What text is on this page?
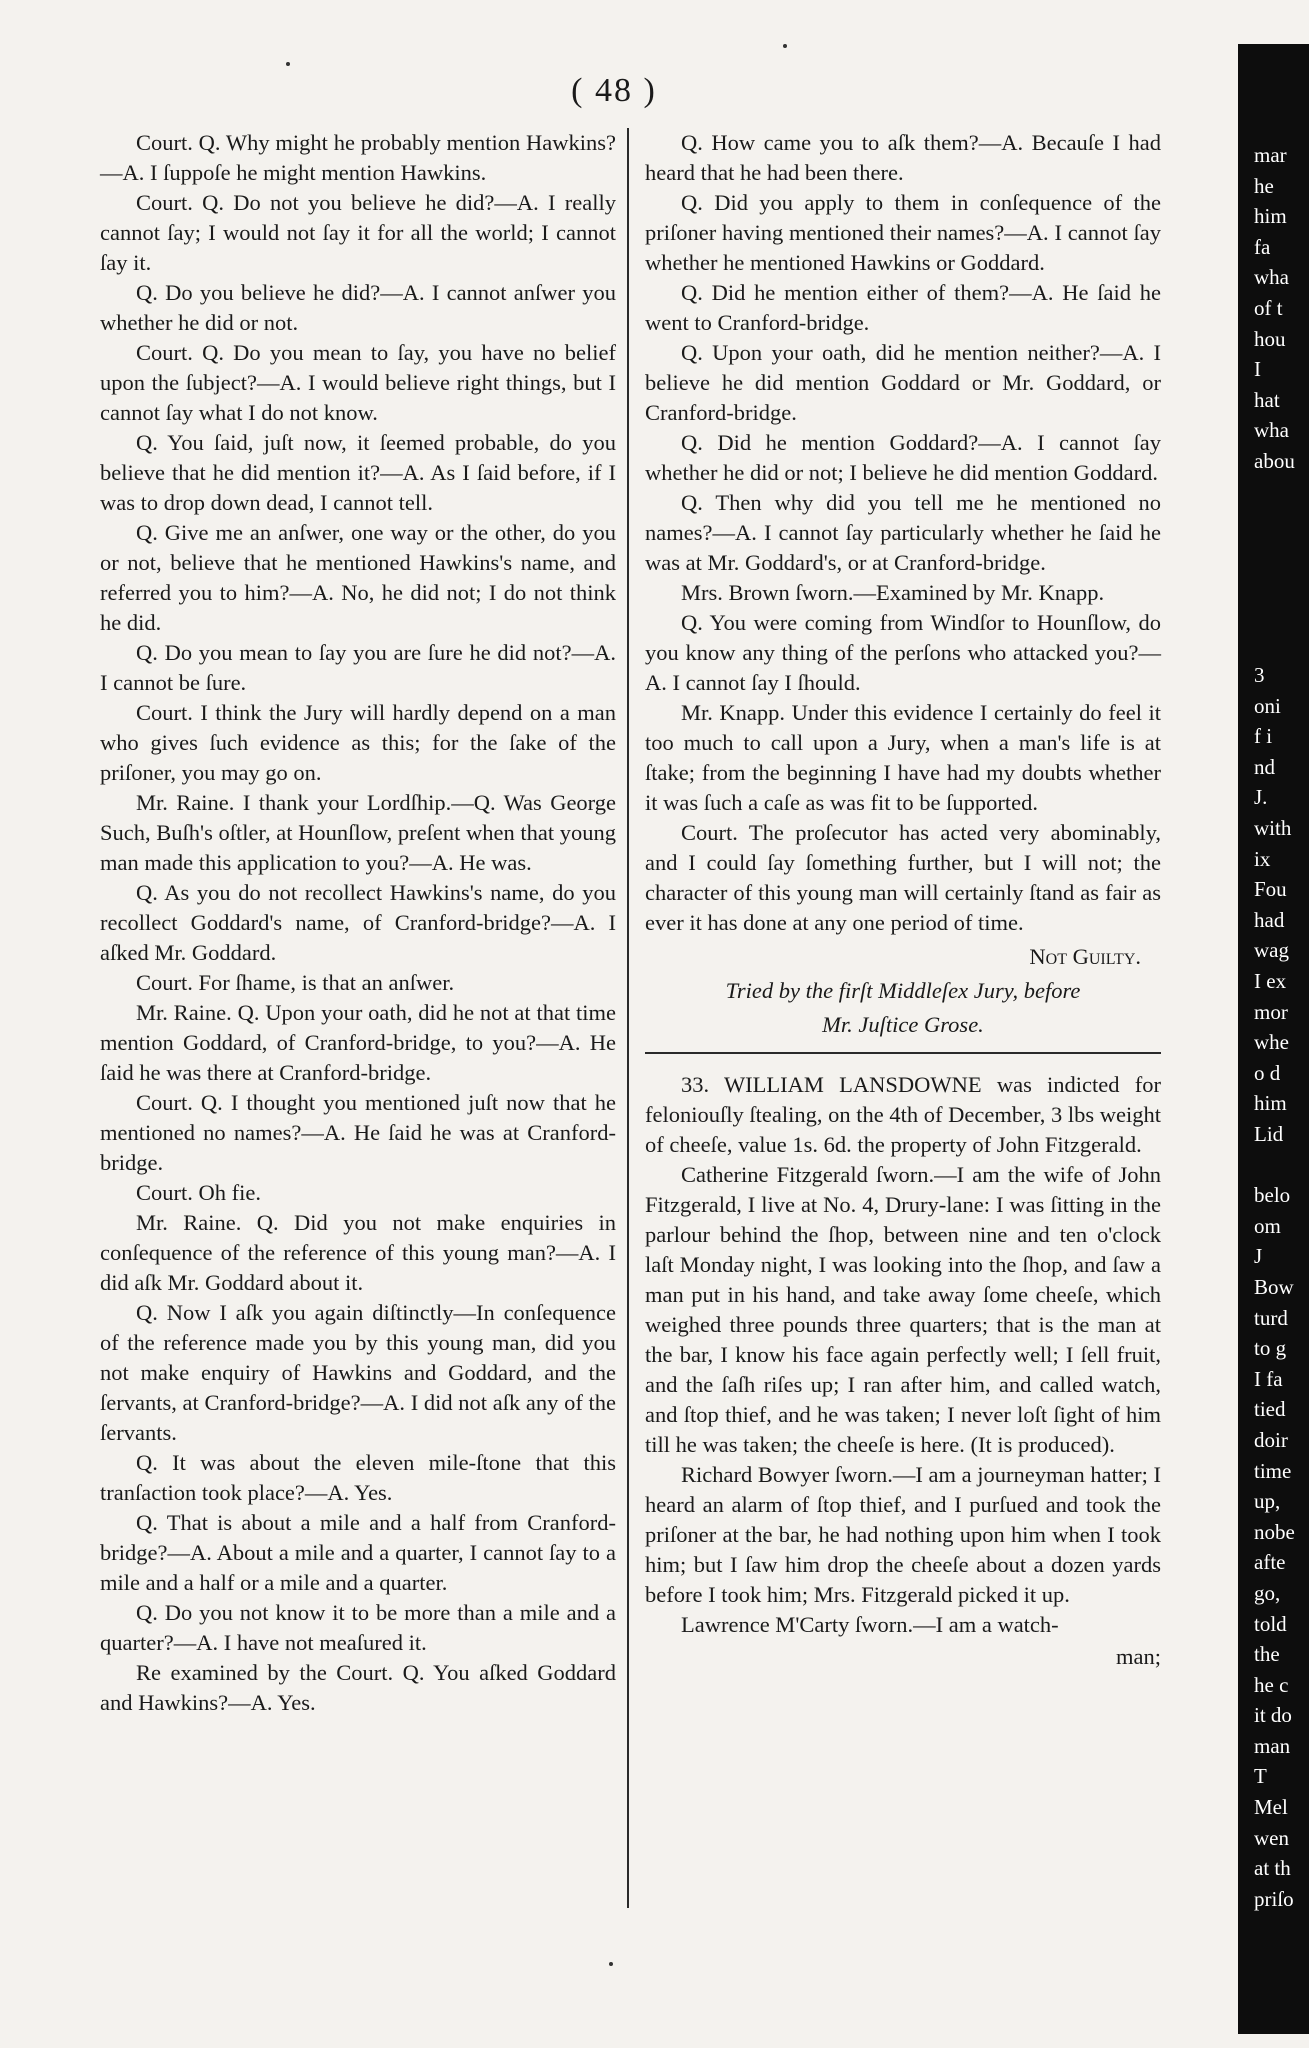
( 48 )

Court. Q. Why might he probably mention Hawkins?—A. I ſuppoſe he might mention Hawkins.

Court. Q. Do not you believe he did?—A. I really cannot ſay; I would not ſay it for all the world; I cannot ſay it.

Q. Do you believe he did?—A. I cannot anſwer you whether he did or not.

Court. Q. Do you mean to ſay, you have no belief upon the ſubject?—A. I would believe right things, but I cannot ſay what I do not know.

Q. You ſaid, juſt now, it ſeemed probable, do you believe that he did mention it?—A. As I ſaid before, if I was to drop down dead, I cannot tell.

Q. Give me an anſwer, one way or the other, do you or not, believe that he mentioned Hawkins's name, and referred you to him?—A. No, he did not; I do not think he did.

Q. Do you mean to ſay you are ſure he did not?—A. I cannot be ſure.

Court. I think the Jury will hardly depend on a man who gives ſuch evidence as this; for the ſake of the priſoner, you may go on.

Mr. Raine. I thank your Lordſhip.—Q. Was George Such, Buſh's oſtler, at Hounſlow, preſent when that young man made this application to you?—A. He was.

Q. As you do not recollect Hawkins's name, do you recollect Goddard's name, of Cranford-bridge?—A. I aſked Mr. Goddard.

Court. For ſhame, is that an anſwer.

Mr. Raine. Q. Upon your oath, did he not at that time mention Goddard, of Cranford-bridge, to you?—A. He ſaid he was there at Cranford-bridge.

Court. Q. I thought you mentioned juſt now that he mentioned no names?—A. He ſaid he was at Cranford-bridge.

Court. Oh fie.

Mr. Raine. Q. Did you not make enquiries in conſequence of the reference of this young man?—A. I did aſk Mr. Goddard about it.

Q. Now I aſk you again diſtinctly—In conſequence of the reference made you by this young man, did you not make enquiry of Hawkins and Goddard, and the ſervants, at Cranford-bridge?—A. I did not aſk any of the ſervants.

Q. It was about the eleven mile-ſtone that this tranſaction took place?—A. Yes.

Q. That is about a mile and a half from Cranford-bridge?—A. About a mile and a quarter, I cannot ſay to a mile and a half or a mile and a quarter.

Q. Do you not know it to be more than a mile and a quarter?—A. I have not meaſured it.

Re examined by the Court. Q. You aſked Goddard and Hawkins?—A. Yes.

Q. How came you to aſk them?—A. Becauſe I had heard that he had been there.

Q. Did you apply to them in conſequence of the priſoner having mentioned their names?—A. I cannot ſay whether he mentioned Hawkins or Goddard.

Q. Did he mention either of them?—A. He ſaid he went to Cranford-bridge.

Q. Upon your oath, did he mention neither?—A. I believe he did mention Goddard or Mr. Goddard, or Cranford-bridge.

Q. Did he mention Goddard?—A. I cannot ſay whether he did or not; I believe he did mention Goddard.

Q. Then why did you tell me he mentioned no names?—A. I cannot ſay particularly whether he ſaid he was at Mr. Goddard's, or at Cranford-bridge.

Mrs. Brown ſworn.—Examined by Mr. Knapp.

Q. You were coming from Windſor to Hounſlow, do you know any thing of the perſons who attacked you?—A. I cannot ſay I ſhould.

Mr. Knapp. Under this evidence I certainly do feel it too much to call upon a Jury, when a man's life is at ſtake; from the beginning I have had my doubts whether it was ſuch a caſe as was fit to be ſupported.

Court. The proſecutor has acted very abominably, and I could ſay ſomething further, but I will not; the character of this young man will certainly ſtand as fair as ever it has done at any one period of time.

Not Guilty.
Tried by the firſt Middleſex Jury, before
Mr. Juſtice Grose.

33. WILLIAM LANSDOWNE was indicted for feloniouſly ſtealing, on the 4th of December, 3 lbs weight of cheeſe, value 1s. 6d. the property of John Fitzgerald.

Catherine Fitzgerald ſworn.—I am the wife of John Fitzgerald, I live at No. 4, Drury-lane: I was ſitting in the parlour behind the ſhop, between nine and ten o'clock laſt Monday night, I was looking into the ſhop, and ſaw a man put in his hand, and take away ſome cheeſe, which weighed three pounds three quarters; that is the man at the bar, I know his face again perfectly well; I ſell fruit, and the ſaſh riſes up; I ran after him, and called watch, and ſtop thief, and he was taken; I never loſt ſight of him till he was taken; the cheeſe is here. (It is produced).

Richard Bowyer ſworn.—I am a journeyman hatter; I heard an alarm of ſtop thief, and I purſued and took the priſoner at the bar, he had nothing upon him when I took him; but I ſaw him drop the cheeſe about a dozen yards before I took him; Mrs. Fitzgerald picked it up.

Lawrence M'Carty ſworn.—I am a watch-

man;
mar
he
him
fa
wha
of t
hou
I
hat
wha
abou

3
oni
f i
nd
J.
with
ix
Fou
had
wag
I ex
mor
whe
o d
him
Lid

belo
om
J
Bow
turd
to g
I fa
tied
doir
time
up,
nobe
afte
go,
told
the
he c
it do
man
T
Mel
wen
at th
priſo
